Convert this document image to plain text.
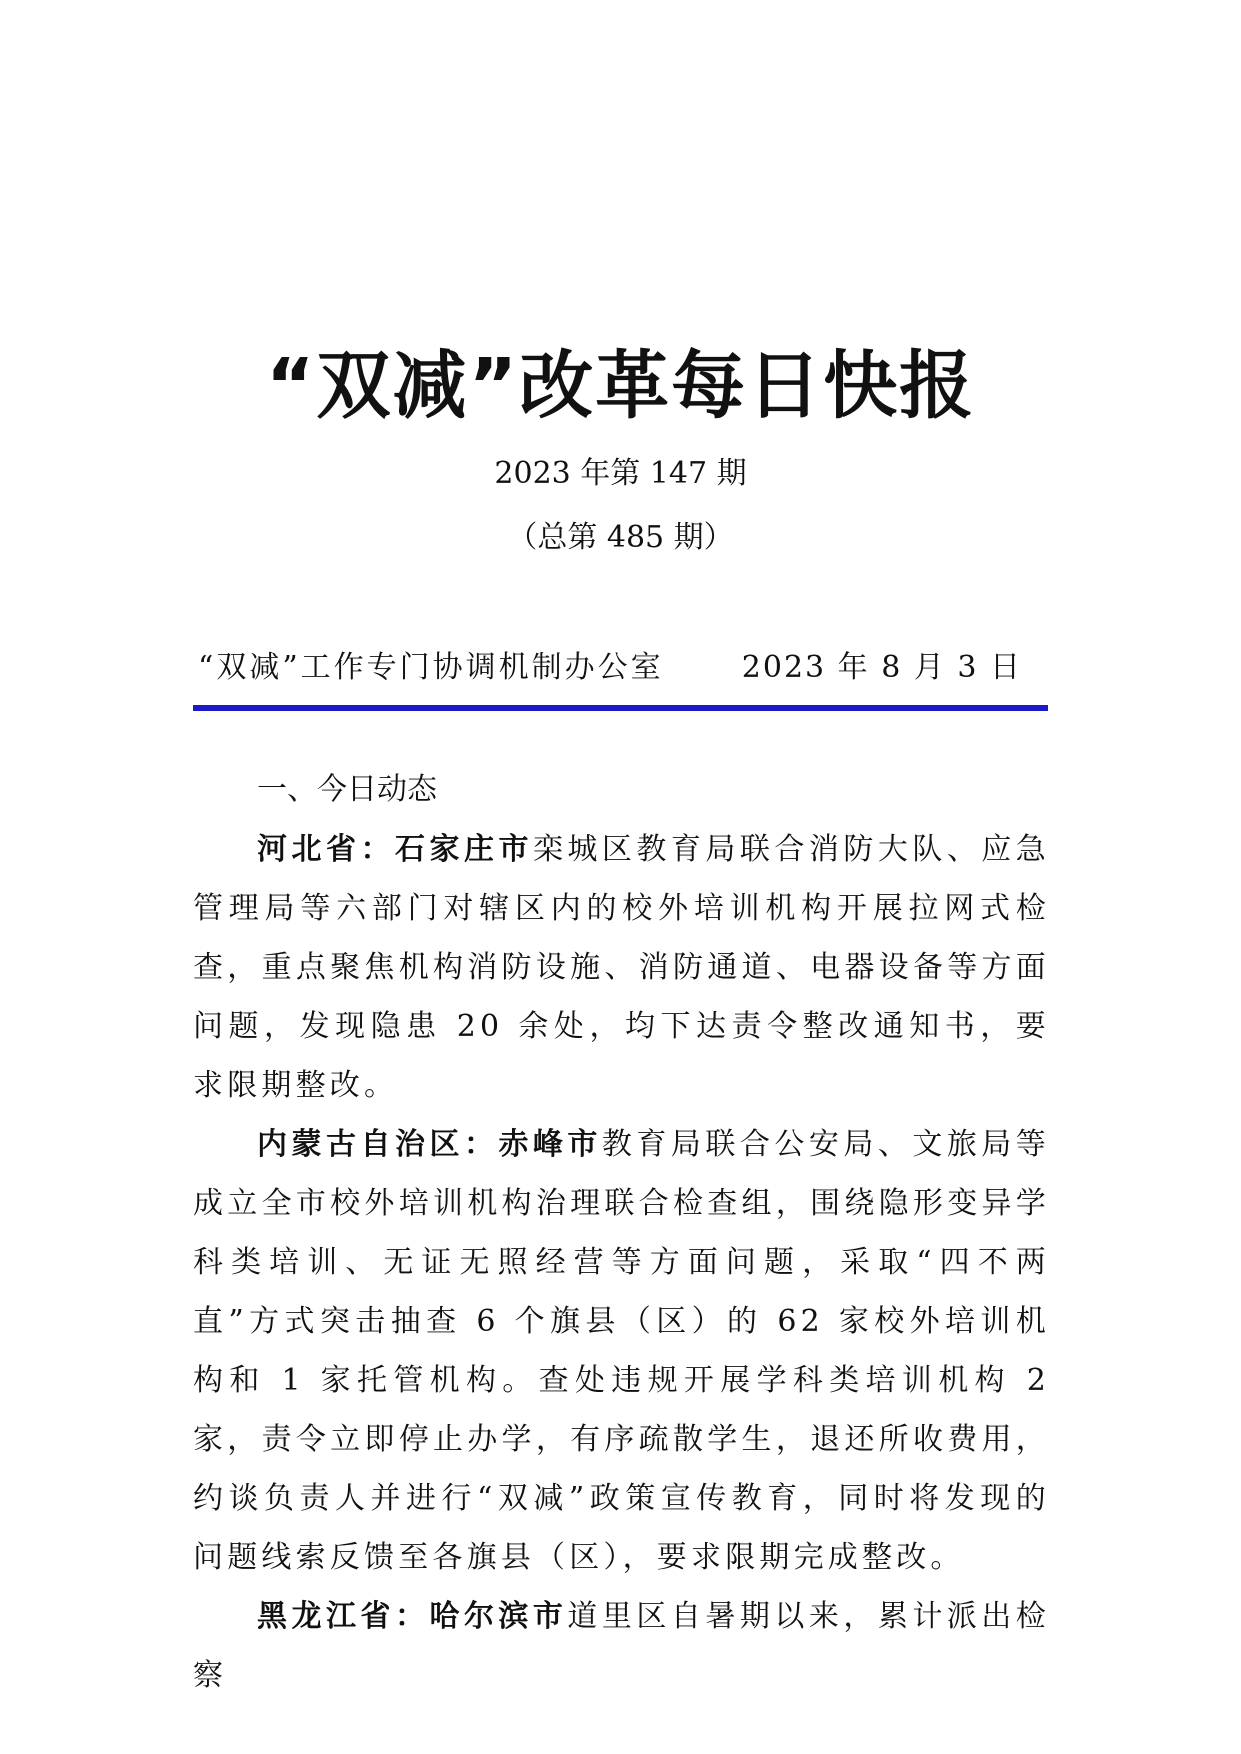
“双减”改革每日快报
2023 年第 147 期
（总第 485 期）
“双减”工作专门协调机制办公室	2023 年 8 月 3 日
一、今日动态

河北省：石家庄市栾城区教育局联合消防大队、应急管理局等六部门对辖区内的校外培训机构开展拉网式检查，重点聚焦机构消防设施、消防通道、电器设备等方面问题，发现隐患 20 余处，均下达责令整改通知书，要求限期整改。

内蒙古自治区：赤峰市教育局联合公安局、文旅局等成立全市校外培训机构治理联合检查组，围绕隐形变异学科类培训、无证无照经营等方面问题，采取“四不两直”方式突击抽查 6 个旗县（区）的 62 家校外培训机构和 1 家托管机构。查处违规开展学科类培训机构 2 家，责令立即停止办学，有序疏散学生，退还所收费用，约谈负责人并进行“双减”政策宣传教育，同时将发现的问题线索反馈至各旗县（区），要求限期完成整改。

黑龙江省：哈尔滨市道里区自暑期以来，累计派出检察
